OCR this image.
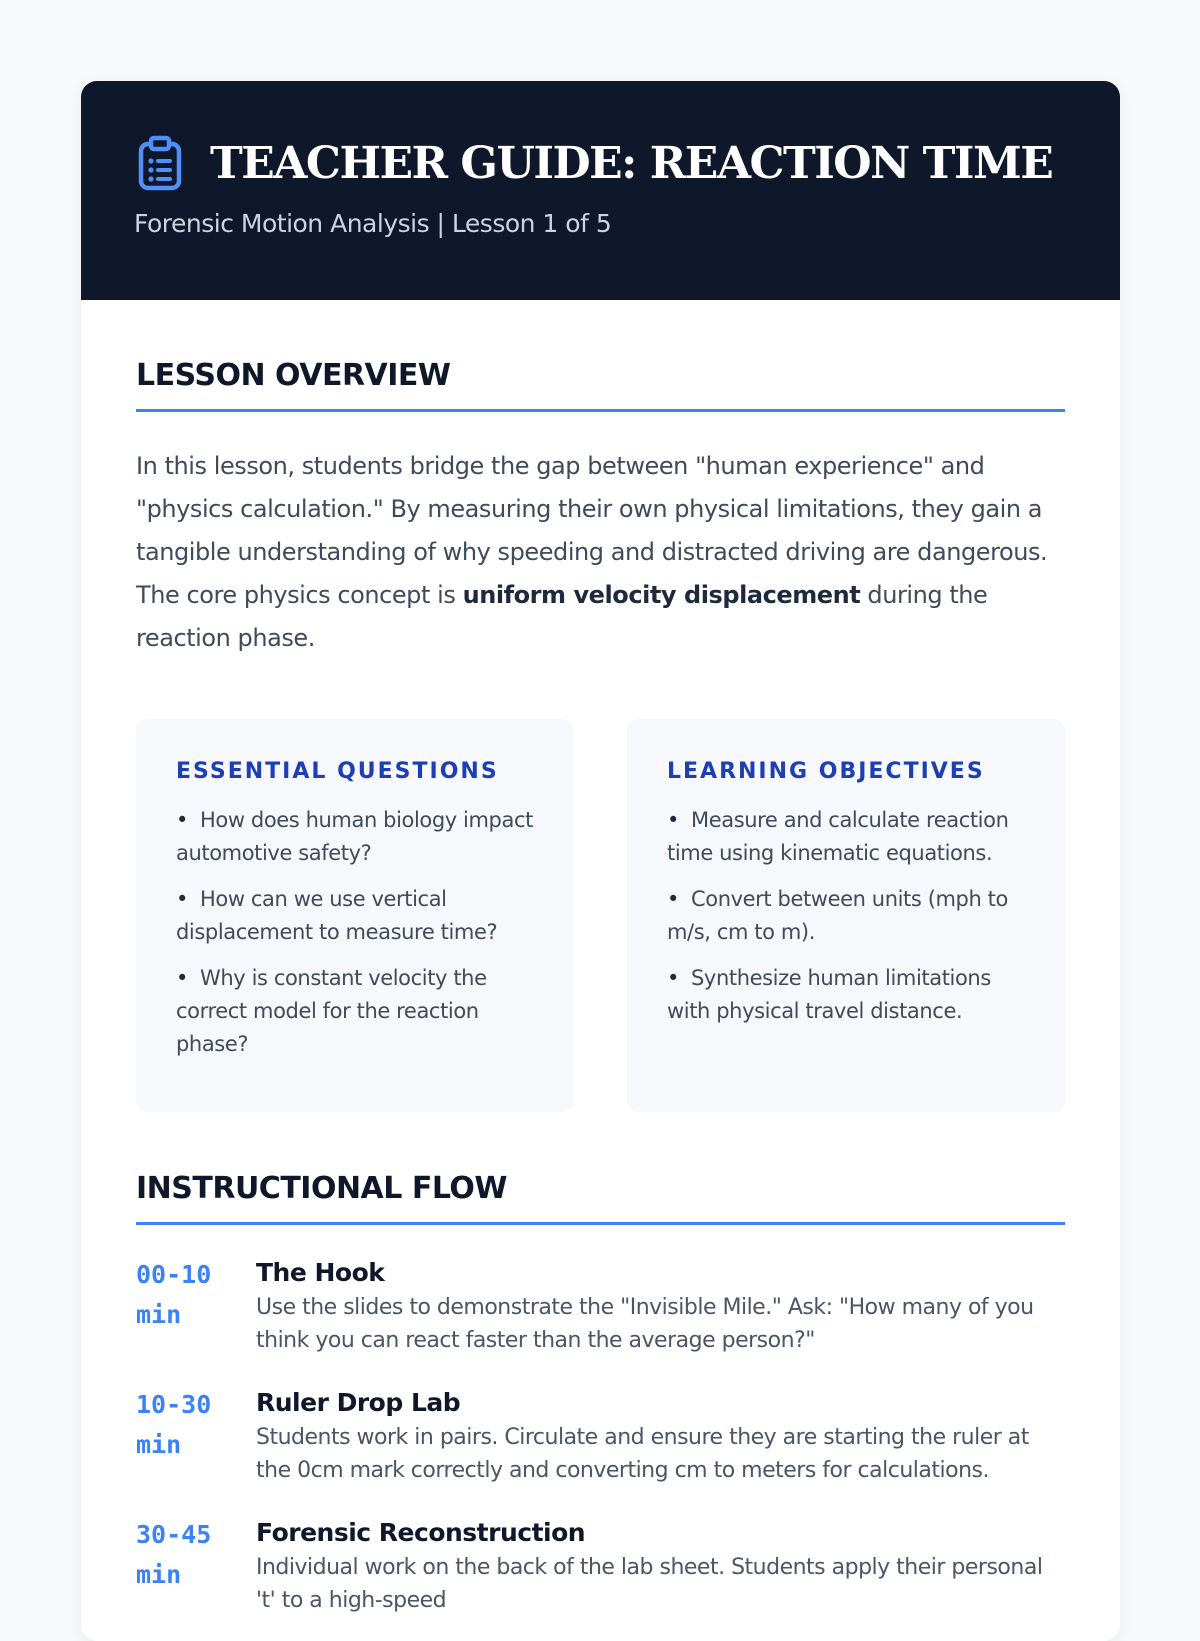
TEACHER GUIDE: REACTION TIME
Forensic Motion Analysis | Lesson 1 of 5
LESSON OVERVIEW

In this lesson, students bridge the gap between "human experience" and "physics calculation." By measuring their own physical limitations, they gain a tangible understanding of why speeding and distracted driving are dangerous. The core physics concept is uniform velocity displacement during the reaction phase.

ESSENTIAL QUESTIONS
• How does human biology impact automotive safety?
• How can we use vertical displacement to measure time?
• Why is constant velocity the correct model for the reaction phase?
LEARNING OBJECTIVES
• Measure and calculate reaction time using kinematic equations.
• Convert between units (mph to m/s, cm to m).
• Synthesize human limitations with physical travel distance.
INSTRUCTIONAL FLOW
00-10 min
The Hook
Use the slides to demonstrate the "Invisible Mile." Ask: "How many of you think you can react faster than the average person?"
10-30 min
Ruler Drop Lab
Students work in pairs. Circulate and ensure they are starting the ruler at the 0cm mark correctly and converting cm to meters for calculations.
30-45 min
Forensic Reconstruction
Individual work on the back of the lab sheet. Students apply their personal 't' to a high-speed
